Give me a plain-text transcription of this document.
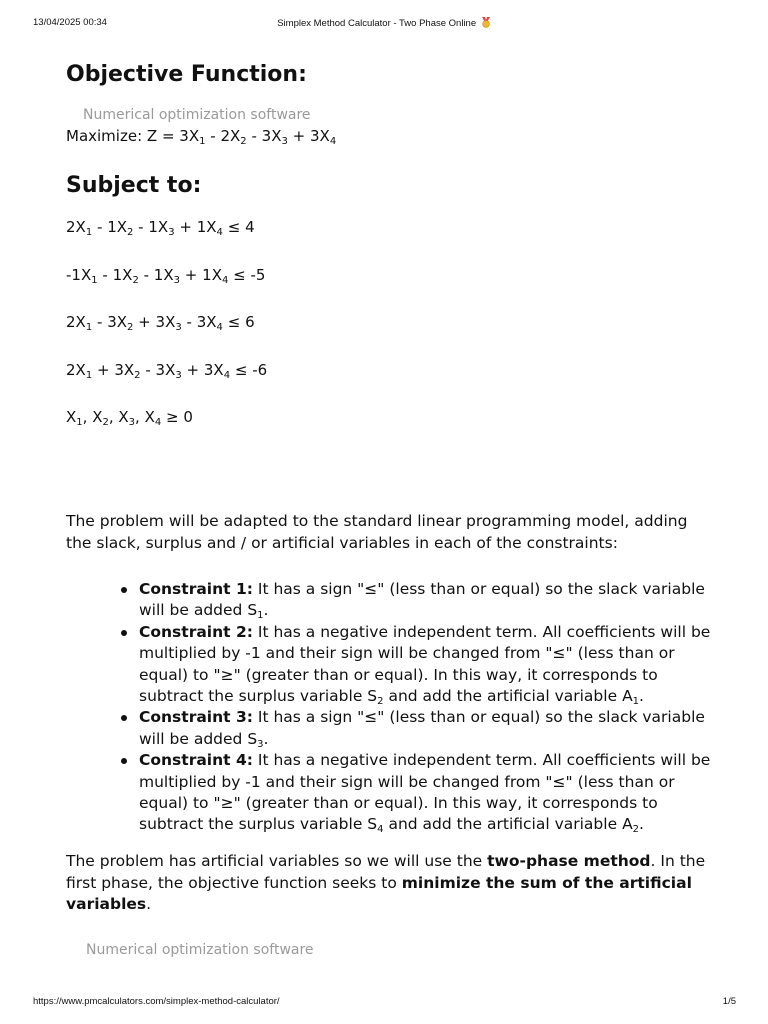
13/04/2025 00:34	Simplex Method Calculator - Two Phase Online
Objective Function:
Numerical optimization software
Maximize: $Z = 3X_1 - 2X_2 - 3X_3 + 3X_4$
Subject to:
$2X_1 - 1X_2 - 1X_3 + 1X_4 \le 4$
$-1X_1 - 1X_2 - 1X_3 + 1X_4 \le -5$
$2X_1 - 3X_2 + 3X_3 - 3X_4 \le 6$
$2X_1 + 3X_2 - 3X_3 + 3X_4 \le -6$
$X_1$, $X_2$, $X_3$, $X_4 \ge 0$

The problem will be adapted to the standard linear programming model, adding the slack, surplus and / or artificial variables in each of the constraints:

Constraint 1: It has a sign "≤" (less than or equal) so the slack variable will be added $S_1$.
Constraint 2: It has a negative independent term. All coefficients will be multiplied by -1 and their sign will be changed from "≤" (less than or equal) to "≥" (greater than or equal). In this way, it corresponds to subtract the surplus variable $S_2$ and add the artificial variable $A_1$.
Constraint 3: It has a sign "≤" (less than or equal) so the slack variable will be added $S_3$.
Constraint 4: It has a negative independent term. All coefficients will be multiplied by -1 and their sign will be changed from "≤" (less than or equal) to "≥" (greater than or equal). In this way, it corresponds to subtract the surplus variable $S_4$ and add the artificial variable $A_2$.

The problem has artificial variables so we will use the two-phase method. In the first phase, the objective function seeks to minimize the sum of the artificial variables.

Numerical optimization software
https://www.pmcalculators.com/simplex-method-calculator/	1/5
